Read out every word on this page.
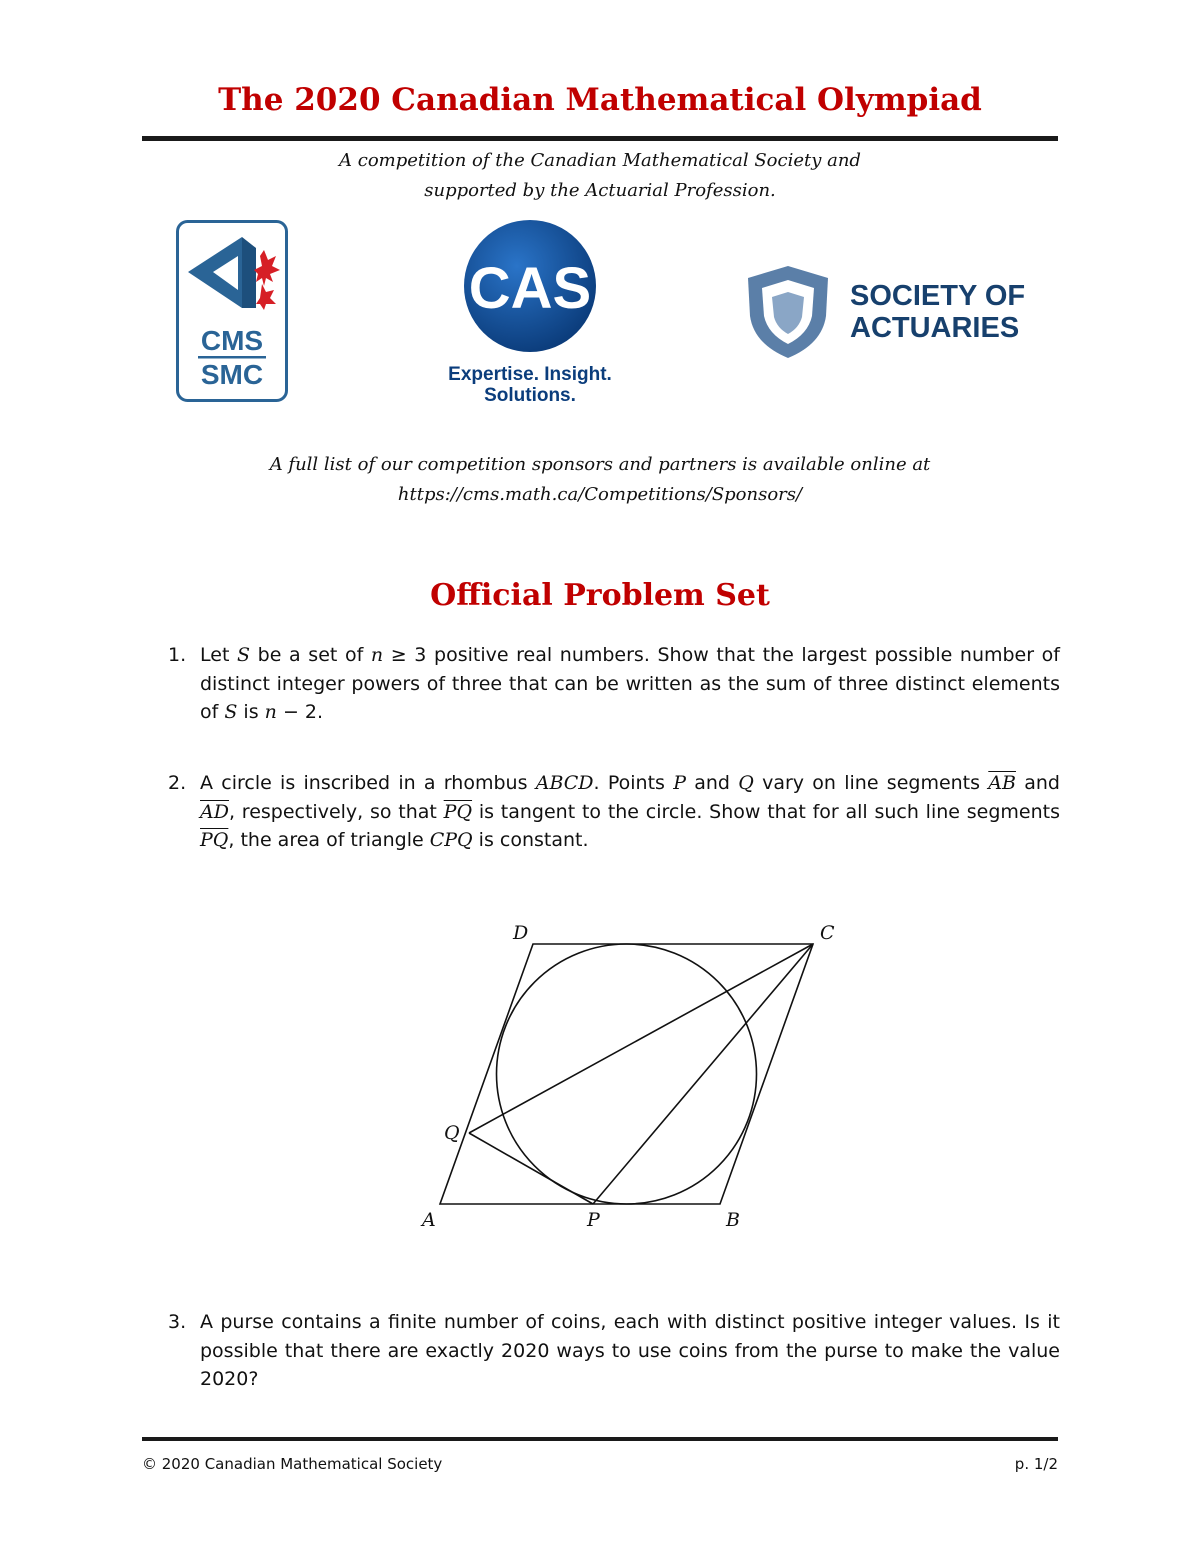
The 2020 Canadian Mathematical Olympiad
A competition of the Canadian Mathematical Society and
supported by the Actuarial Profession.
CMS
SMC
CAS
Expertise. Insight.
Solutions.
SOCIETY OF
ACTUARIES
A full list of our competition sponsors and partners is available online at
https://cms.math.ca/Competitions/Sponsors/
Official Problem Set
1. Let S be a set of n ≥ 3 positive real numbers. Show that the largest possible number of distinct integer powers of three that can be written as the sum of three distinct elements of S is n − 2.
2. A circle is inscribed in a rhombus ABCD. Points P and Q vary on line segments $\overline{AB}$ and $\overline{AD}$, respectively, so that $\overline{PQ}$ is tangent to the circle. Show that for all such line segments $\overline{PQ}$, the area of triangle CPQ is constant.
D	C
Q
A	P	B
3. A purse contains a finite number of coins, each with distinct positive integer values. Is it possible that there are exactly 2020 ways to use coins from the purse to make the value 2020?
© 2020 Canadian Mathematical Society	p. 1/2
